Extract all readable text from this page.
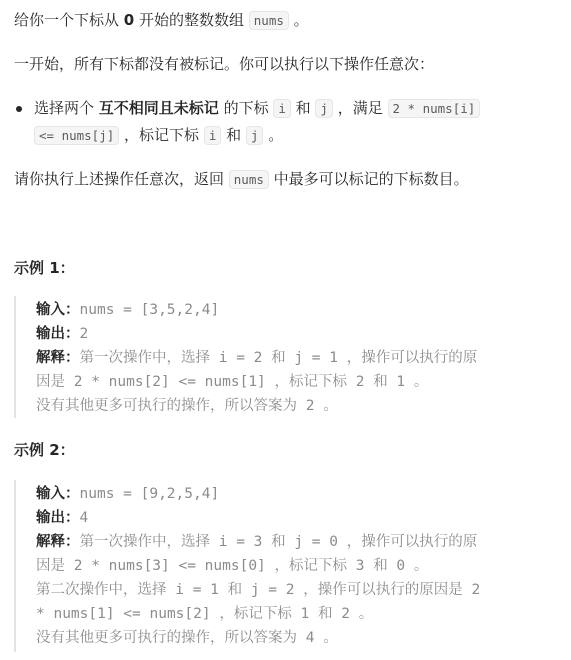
给你一个下标从 0 开始的整数数组 nums 。
一开始，所有下标都没有被标记。你可以执行以下操作任意次：
选择两个 互不相同且未标记 的下标 i 和 j ，满足 2 * nums[i]
<= nums[j] ，标记下标 i 和 j 。
请你执行上述操作任意次，返回 nums 中最多可以标记的下标数目。
示例 1：
输入：nums = [3,5,2,4]
输出：2
解释：第一次操作中，选择 i = 2 和 j = 1 ，操作可以执行的原
因是 2 * nums[2] <= nums[1] ，标记下标 2 和 1 。
没有其他更多可执行的操作，所以答案为 2 。
示例 2：
输入：nums = [9,2,5,4]
输出：4
解释：第一次操作中，选择 i = 3 和 j = 0 ，操作可以执行的原
因是 2 * nums[3] <= nums[0] ，标记下标 3 和 0 。
第二次操作中，选择 i = 1 和 j = 2 ，操作可以执行的原因是 2
* nums[1] <= nums[2] ，标记下标 1 和 2 。
没有其他更多可执行的操作，所以答案为 4 。
